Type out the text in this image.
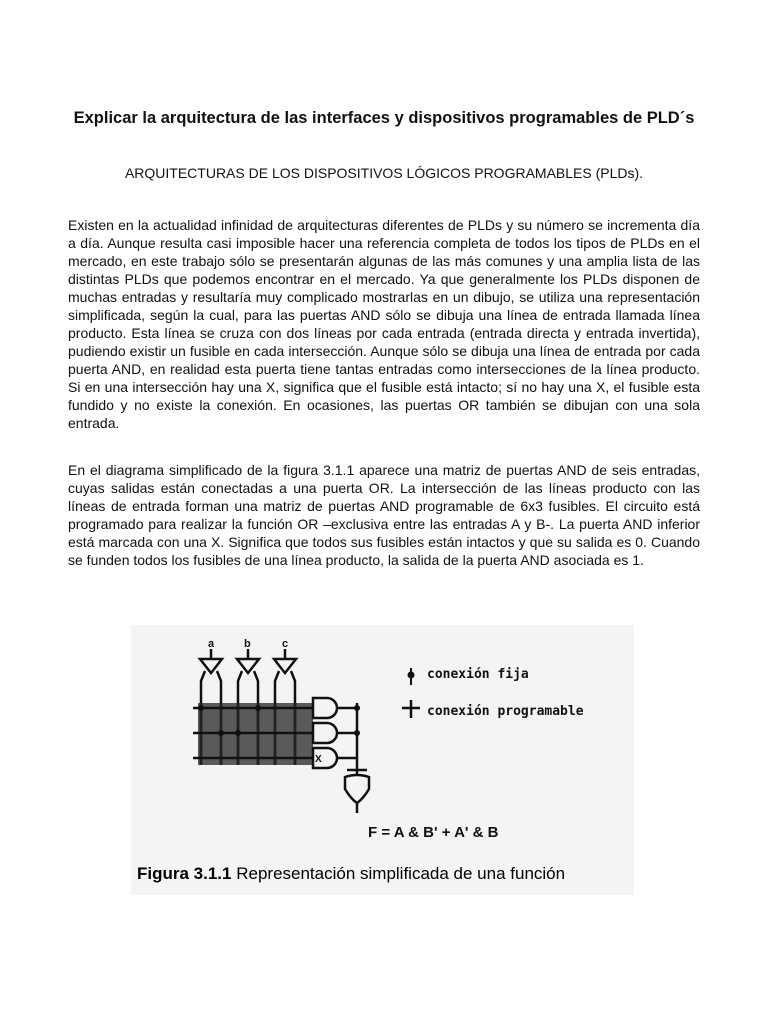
Explicar la arquitectura de las interfaces y dispositivos programables de PLD´s

ARQUITECTURAS DE LOS DISPOSITIVOS LÓGICOS PROGRAMABLES (PLDs).

Existen en la actualidad infinidad de arquitecturas diferentes de PLDs y su número se incrementa día a día. Aunque resulta casi imposible hacer una referencia completa de todos los tipos de PLDs en el mercado, en este trabajo sólo se presentarán algunas de las más comunes y una amplia lista de las distintas PLDs que podemos encontrar en el mercado. Ya que generalmente los PLDs disponen de muchas entradas y resultaría muy complicado mostrarlas en un dibujo, se utiliza una representación simplificada, según la cual, para las puertas AND sólo se dibuja una línea de entrada llamada línea producto. Esta línea se cruza con dos líneas por cada entrada (entrada directa y entrada invertida), pudiendo existir un fusible en cada intersección. Aunque sólo se dibuja una línea de entrada por cada puerta AND, en realidad esta puerta tiene tantas entradas como intersecciones de la línea producto. Si en una intersección hay una X, significa que el fusible está intacto; sí no hay una X, el fusible esta fundido y no existe la conexión. En ocasiones, las puertas OR también se dibujan con una sola entrada.

En el diagrama simplificado de la figura 3.1.1 aparece una matriz de puertas AND de seis entradas, cuyas salidas están conectadas a una puerta OR. La intersección de las líneas producto con las líneas de entrada forman una matriz de puertas AND programable de 6x3 fusibles. El circuito está programado para realizar la función OR –exclusiva entre las entradas A y B-. La puerta AND inferior está marcada con una X. Significa que todos sus fusibles están intactos y que su salida es 0. Cuando se funden todos los fusibles de una línea producto, la salida de la puerta AND asociada es 1.

a	b	c
X
conexión fija
conexión programable
F = A & B' + A' & B
Figura 3.1.1 Representación simplificada de una función
